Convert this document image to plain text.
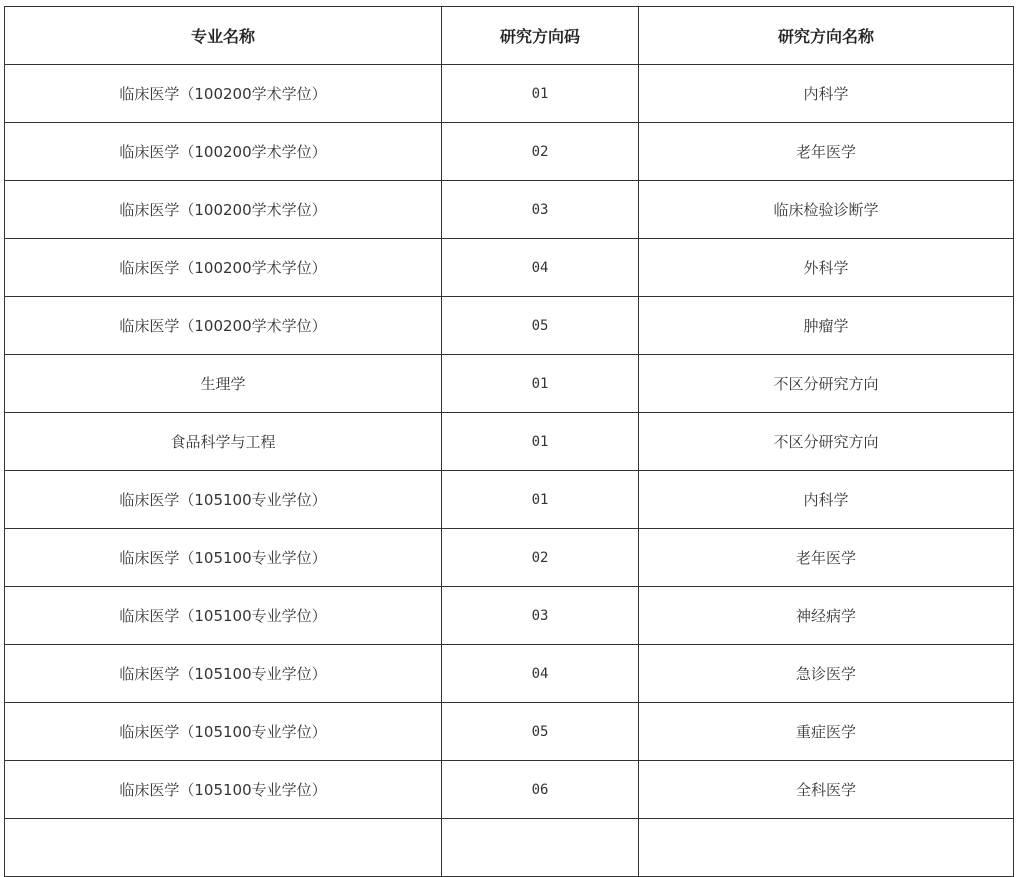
专业名称	研究方向码	研究方向名称
临床医学（100200学术学位）	01	内科学
临床医学（100200学术学位）	02	老年医学
临床医学（100200学术学位）	03	临床检验诊断学
临床医学（100200学术学位）	04	外科学
临床医学（100200学术学位）	05	肿瘤学
生理学	01	不区分研究方向
食品科学与工程	01	不区分研究方向
临床医学（105100专业学位）	01	内科学
临床医学（105100专业学位）	02	老年医学
临床医学（105100专业学位）	03	神经病学
临床医学（105100专业学位）	04	急诊医学
临床医学（105100专业学位）	05	重症医学
临床医学（105100专业学位）	06	全科医学
